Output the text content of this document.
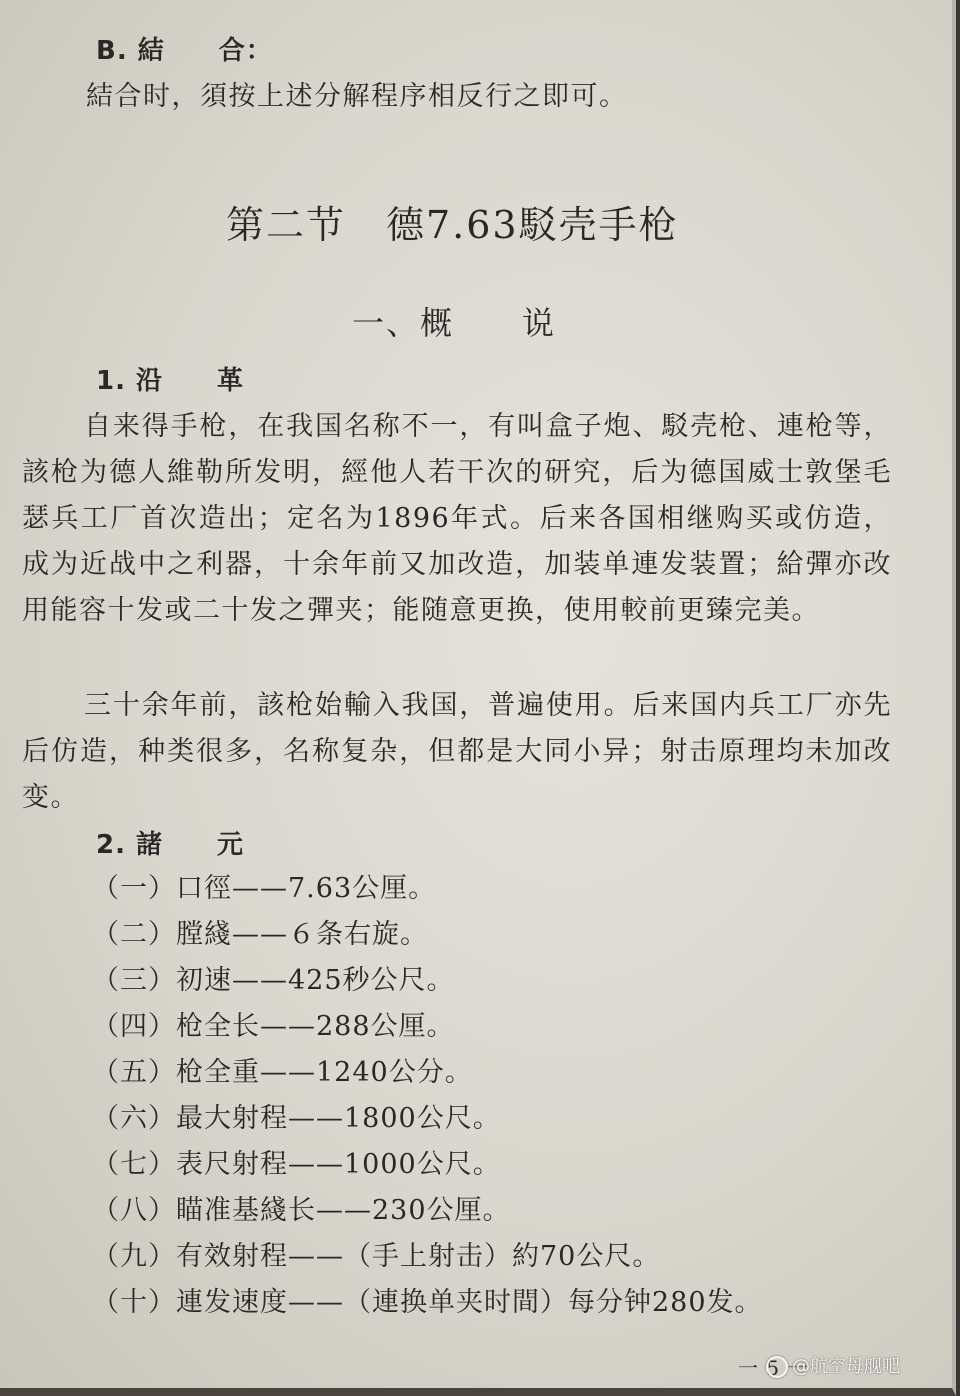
B. 結　　合：
結合时，須按上述分解程序相反行之即可。
第二节　德7.63駁壳手枪
一、概　　说
1. 沿　　革
自来得手枪，在我国名称不一，有叫盒子炮、駁壳枪、連枪等，該枪为德人維勒所发明，經他人若干次的研究，后为德国威士敦堡毛瑟兵工厂首次造出；定名为1896年式。后来各国相继购买或仿造，成为近战中之利器，十余年前又加改造，加装单連发装置；給彈亦改用能容十发或二十发之彈夹；能随意更换，使用較前更臻完美。
三十余年前，該枪始輸入我国，普遍使用。后来国内兵工厂亦先后仿造，种类很多，名称复杂，但都是大同小异；射击原理均未加改变。
2. 諸　　元
（一）口徑——7.63公厘。
（二）膛綫——６条右旋。
（三）初速——425秒公尺。
（四）枪全长——288公厘。
（五）枪全重——1240公分。
（六）最大射程——1800公尺。
（七）表尺射程——1000公尺。
（八）瞄准基綫长——230公厘。
（九）有效射程——（手上射击）約70公尺。
（十）連发速度——（連换单夹时間）每分钟280发。
一 5 一
@航空母舰吧
